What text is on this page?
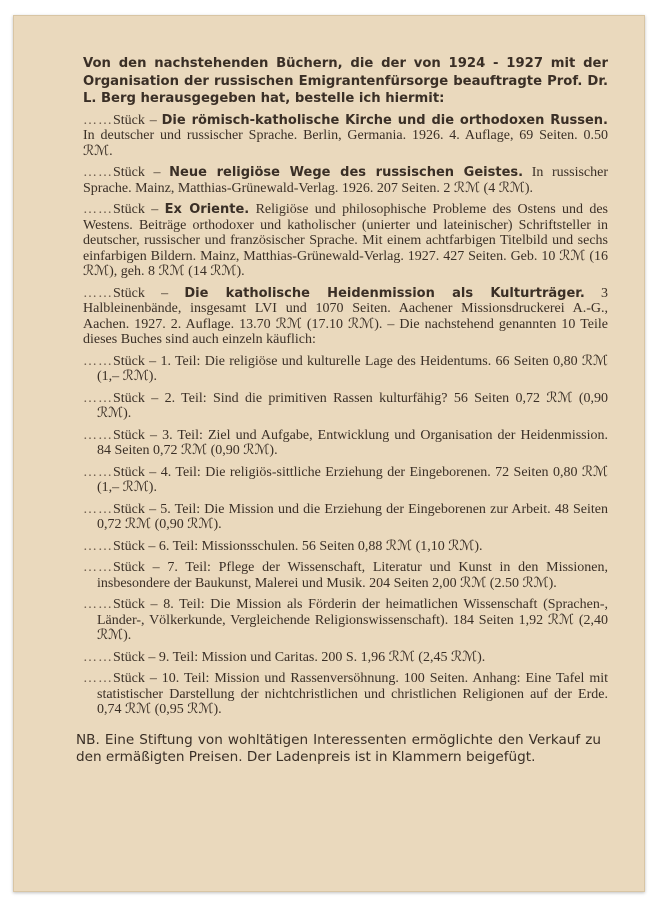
Von den nachstehenden Büchern, die der von 1924 - 1927 mit der Organisation der russischen Emigrantenfürsorge beauftragte Prof. Dr. L. Berg herausgegeben hat, bestelle ich hiermit:

……Stück – Die römisch-katholische Kirche und die orthodoxen Russen. In deutscher und russischer Sprache. Berlin, Germania. 1926. 4. Auflage, 69 Seiten. 0.50 ℛℳ.

……Stück – Neue religiöse Wege des russischen Geistes. In russischer Sprache. Mainz, Matthias-Grünewald-Verlag. 1926. 207 Seiten. 2 ℛℳ (4 ℛℳ).

……Stück – Ex Oriente. Religiöse und philosophische Probleme des Ostens und des Westens. Beiträge orthodoxer und katholischer (unierter und lateinischer) Schriftsteller in deutscher, russischer und französischer Sprache. Mit einem achtfarbigen Titelbild und sechs einfarbigen Bildern. Mainz, Matthias-Grünewald-Verlag. 1927. 427 Seiten. Geb. 10 ℛℳ (16 ℛℳ), geh. 8 ℛℳ (14 ℛℳ).

……Stück – Die katholische Heidenmission als Kulturträger. 3 Halbleinenbände, insgesamt LVI und 1070 Seiten. Aachener Missionsdruckerei A.-G., Aachen. 1927. 2. Auflage. 13.70 ℛℳ (17.10 ℛℳ). – Die nachstehend genannten 10 Teile dieses Buches sind auch einzeln käuflich:

……Stück – 1. Teil: Die religiöse und kulturelle Lage des Heidentums. 66 Seiten 0,80 ℛℳ (1,– ℛℳ).

……Stück – 2. Teil: Sind die primitiven Rassen kulturfähig? 56 Seiten 0,72 ℛℳ (0,90 ℛℳ).

……Stück – 3. Teil: Ziel und Aufgabe, Entwicklung und Organisation der Heidenmission. 84 Seiten 0,72 ℛℳ (0,90 ℛℳ).

……Stück – 4. Teil: Die religiös-sittliche Erziehung der Eingeborenen. 72 Seiten 0,80 ℛℳ (1,– ℛℳ).

……Stück – 5. Teil: Die Mission und die Erziehung der Eingeborenen zur Arbeit. 48 Seiten 0,72 ℛℳ (0,90 ℛℳ).

……Stück – 6. Teil: Missionsschulen. 56 Seiten 0,88 ℛℳ (1,10 ℛℳ).

……Stück – 7. Teil: Pflege der Wissenschaft, Literatur und Kunst in den Missionen, insbesondere der Baukunst, Malerei und Musik. 204 Seiten 2,00 ℛℳ (2.50 ℛℳ).

……Stück – 8. Teil: Die Mission als Förderin der heimatlichen Wissenschaft (Sprachen-, Länder-, Völkerkunde, Vergleichende Religionswissenschaft). 184 Seiten 1,92 ℛℳ (2,40 ℛℳ).

……Stück – 9. Teil: Mission und Caritas. 200 S. 1,96 ℛℳ (2,45 ℛℳ).

……Stück – 10. Teil: Mission und Rassenversöhnung. 100 Seiten. Anhang: Eine Tafel mit statistischer Darstellung der nichtchristlichen und christlichen Religionen auf der Erde. 0,74 ℛℳ (0,95 ℛℳ).

NB. Eine Stiftung von wohltätigen Interessenten ermöglichte den Verkauf zu den ermäßigten Preisen. Der Ladenpreis ist in Klammern beigefügt.
